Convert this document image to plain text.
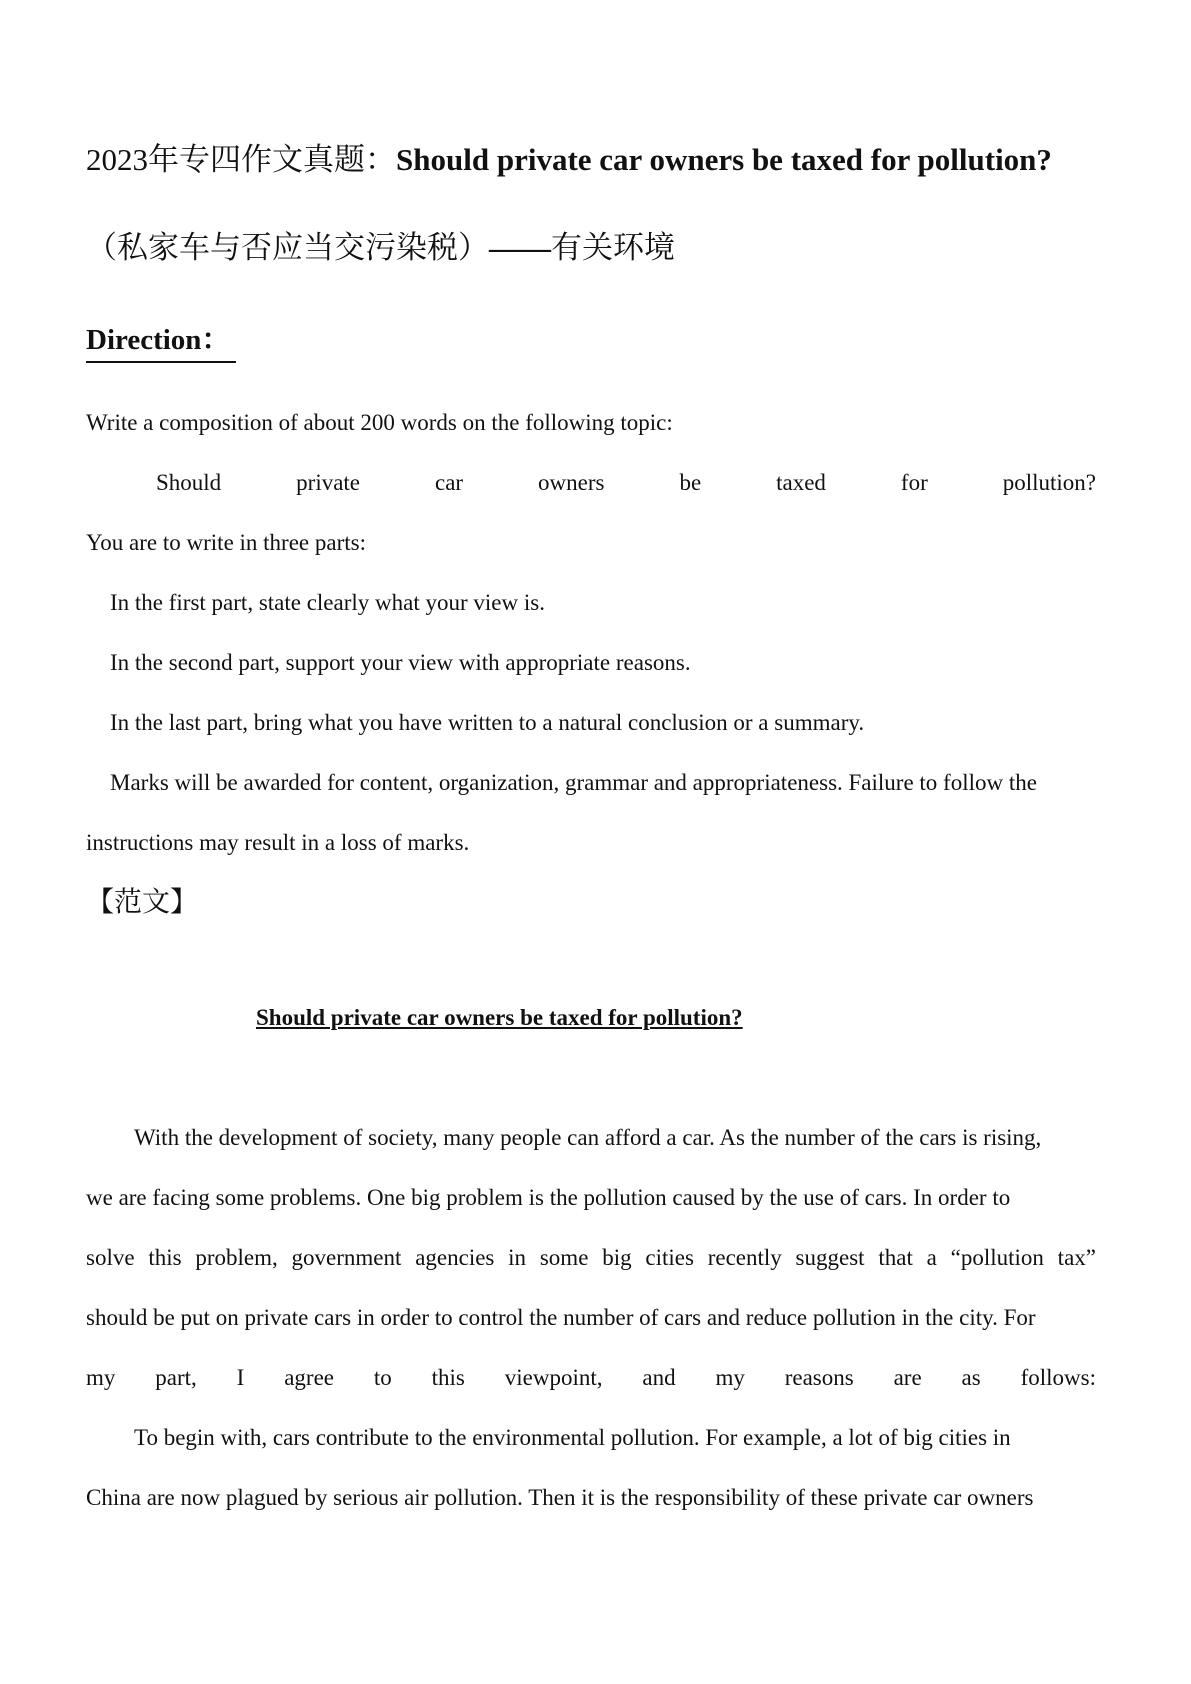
2023年专四作文真题：Should private car owners be taxed for pollution?
（私家车与否应当交污染税）——有关环境
Direction：
Write a composition of about 200 words on the following topic:
Should	private	car	owners	be	taxed	for	pollution?
You are to write in three parts:
In the first part, state clearly what your view is.
In the second part, support your view with appropriate reasons.
In the last part, bring what you have written to a natural conclusion or a summary.
Marks will be awarded for content, organization, grammar and appropriateness. Failure to follow the
instructions may result in a loss of marks.
【范文】
Should private car owners be taxed for pollution?
With the development of society, many people can afford a car. As the number of the cars is rising,
we are facing some problems. One big problem is the pollution caused by the use of cars. In order to
solve this problem, government agencies in some big cities recently suggest that a “pollution tax”
should be put on private cars in order to control the number of cars and reduce pollution in the city. For
my part, I agree to this viewpoint, and my reasons are as follows:
To begin with, cars contribute to the environmental pollution. For example, a lot of big cities in
China are now plagued by serious air pollution. Then it is the responsibility of these private car owners
